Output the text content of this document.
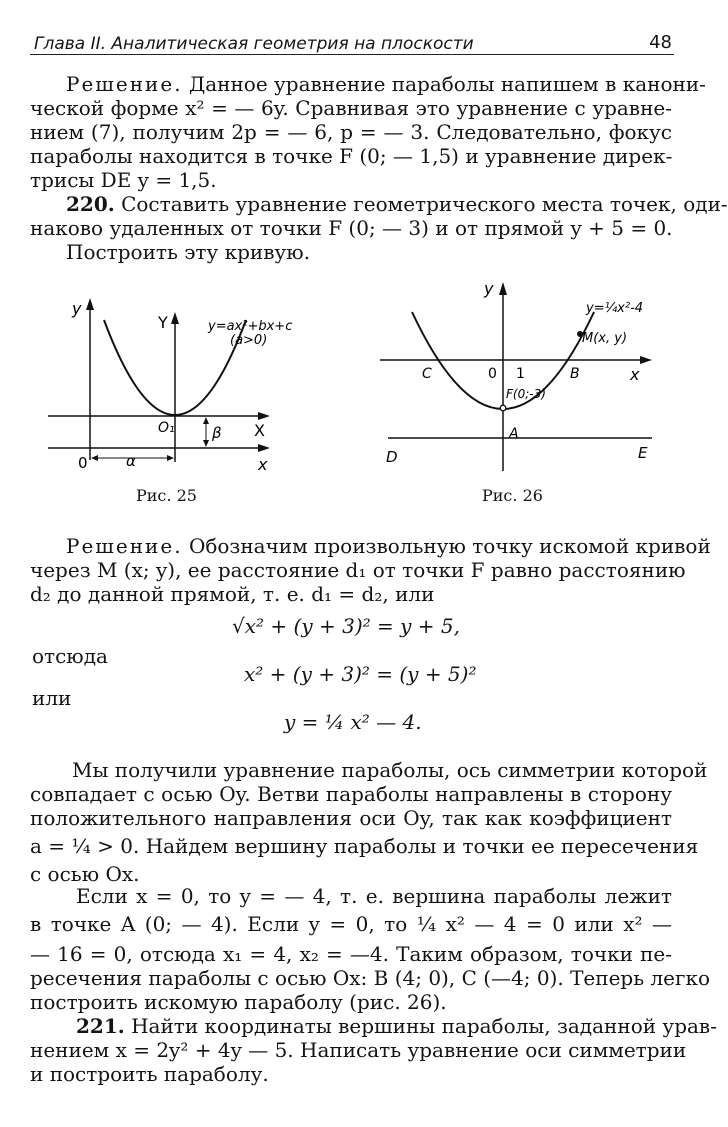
Глава II. Аналитическая геометрия на плоскости	48
Решение. Данное уравнение параболы напишем в канони-
ческой форме x² = — 6y. Сравнивая это уравнение с уравне-
нием (7), получим 2p = — 6, p = — 3. Следовательно, фокус
параболы находится в точке F (0; — 1,5) и уравнение дирек-
трисы DE y = 1,5.
220. Составить уравнение геометрического места точек, оди-
наково удаленных от точки F (0; — 3) и от прямой y + 5 = 0.
Построить эту кривую.
y
Y
x
X
0
O₁
α
β
y=ax²+bx+c
(a>0)
Рис. 25
y
x
0 1
C	B
A
F(0;-3)
M(x, y)
y=¼x²-4
D	E
Рис. 26
Решение. Обозначим произвольную точку искомой кривой
через M (x; y), ее расстояние d₁ от точки F равно расстоянию
d₂ до данной прямой, т. е. d₁ = d₂, или
√x² + (y + 3)² = y + 5,
отсюда
x² + (y + 3)² = (y + 5)²
или
y = ¼ x² — 4.
Мы получили уравнение параболы, ось симметрии которой
совпадает с осью Oy. Ветви параболы направлены в сторону
положительного направления оси Oy, так как коэффициент
a = ¼ > 0. Найдем вершину параболы и точки ее пересечения
с осью Ox.
Если x = 0, то y = — 4, т. е. вершина параболы лежит
в точке A (0; — 4). Если y = 0, то ¼ x² — 4 = 0 или x² —
— 16 = 0, отсюда x₁ = 4, x₂ = —4. Таким образом, точки пе-
ресечения параболы с осью Ox: B (4; 0), C (—4; 0). Теперь легко
построить искомую параболу (рис. 26).
221. Найти координаты вершины параболы, заданной урав-
нением x = 2y² + 4y — 5. Написать уравнение оси симметрии
и построить параболу.
